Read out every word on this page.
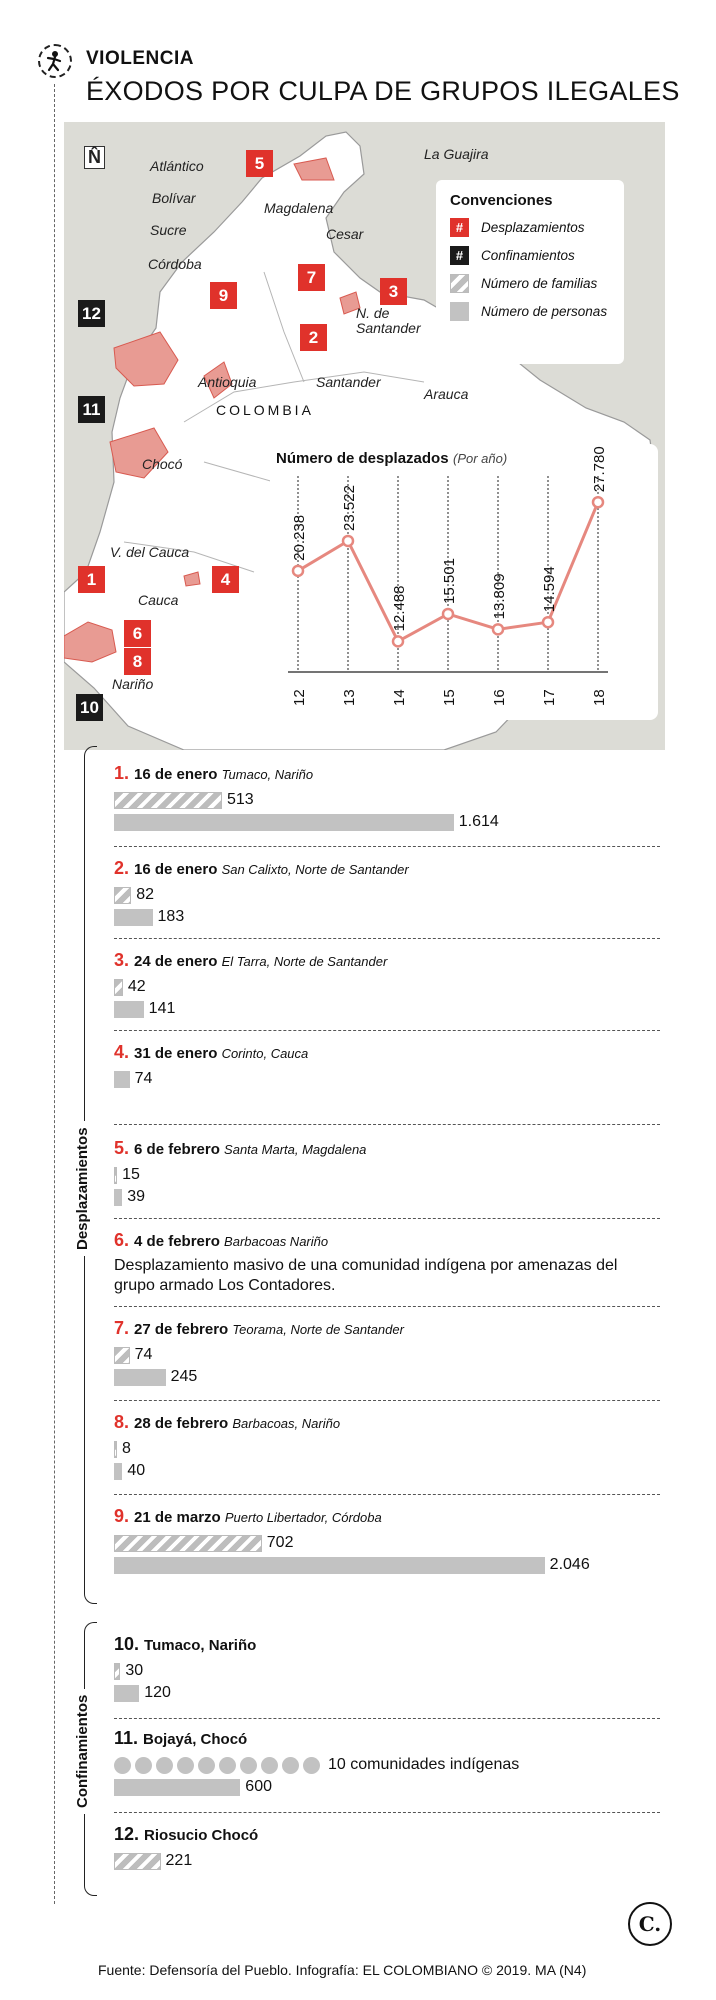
VIOLENCIA
ÉXODOS POR CULPA DE GRUPOS ILEGALES
N̂	Atlántico
Bolívar
Sucre
Córdoba
Magdalena
La Guajira
Cesar
N. de Santander
Antioquia	Santander
Arauca
COLOMBIA
Chocó
V. del Cauca
Cauca
Nariño
5
7
3
2
9
12
11
4
1
6
8
10
Convenciones
#	Desplazamientos
#	Confinamientos
Número de familias
Número de personas
Número de desplazados (Por año)
20.238
12
23.522
13
12.488
14
15.501
15
13.809
16
14.594
17
27.780
18
Desplazamientos
Confinamientos
1. 16 de enero Tumaco, Nariño
513
1.614
2. 16 de enero San Calixto, Norte de Santander
82
183
3. 24 de enero El Tarra, Norte de Santander
42
141
4. 31 de enero Corinto, Cauca
74
5. 6 de febrero Santa Marta, Magdalena
15
39
6. 4 de febrero Barbacoas Nariño
Desplazamiento masivo de una comunidad indígena por amenazas del grupo armado Los Contadores.
7. 27 de febrero Teorama, Norte de Santander
74
245
8. 28 de febrero Barbacoas, Nariño
8
40
9. 21 de marzo Puerto Libertador, Córdoba
702
2.046
10. Tumaco, Nariño
30
120
11. Bojayá, Chocó
10 comunidades indígenas
600
12. Riosucio Chocó
221
C.
Fuente: Defensoría del Pueblo. Infografía: EL COLOMBIANO © 2019. MA (N4)
